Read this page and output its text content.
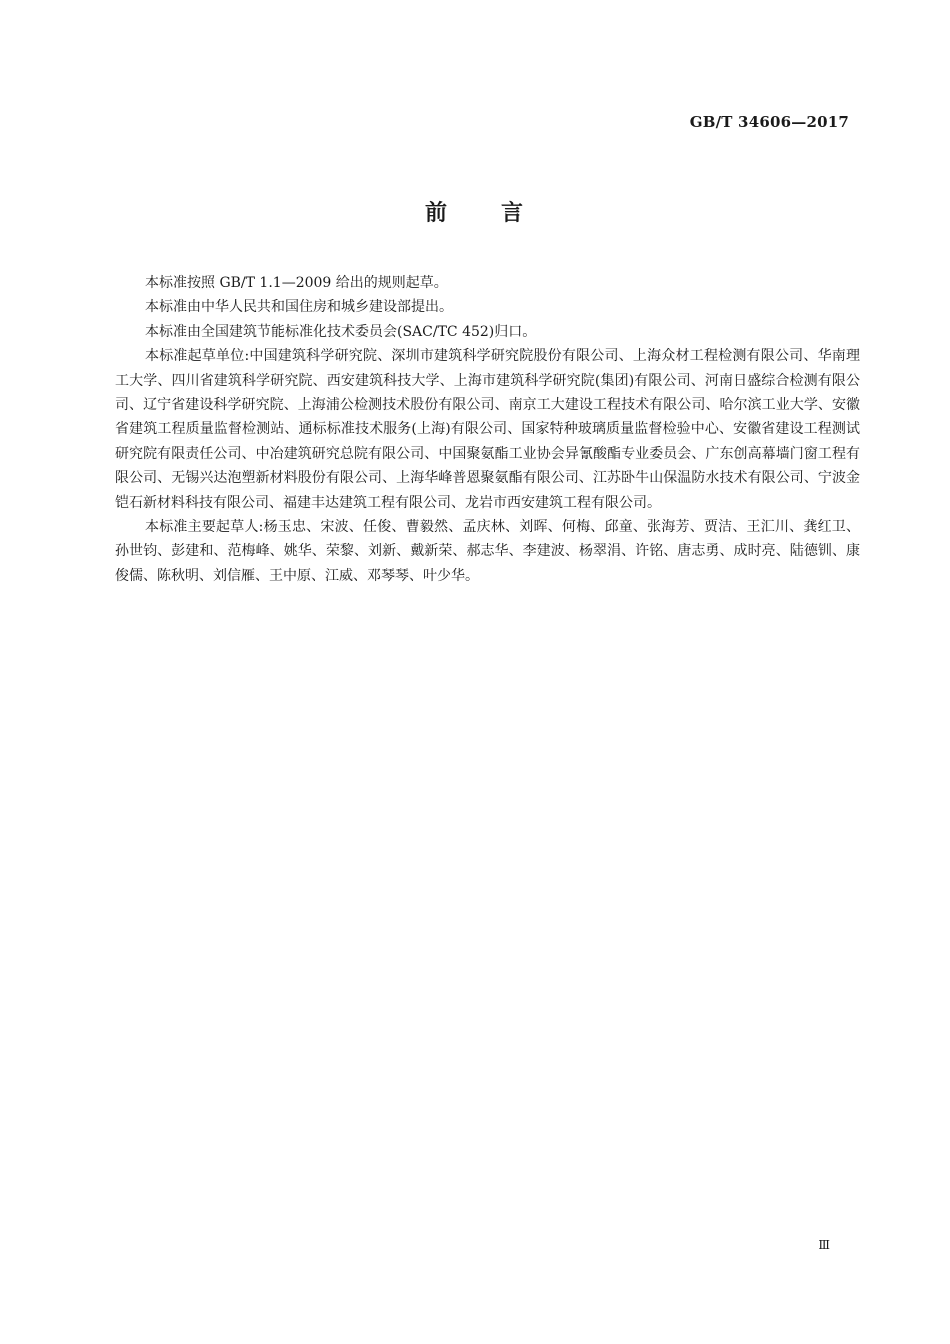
GB/T 34606—2017
前 言

本标准按照 GB/T 1.1—2009 给出的规则起草。

本标准由中华人民共和国住房和城乡建设部提出。

本标准由全国建筑节能标准化技术委员会(SAC/TC 452)归口。

本标准起草单位:中国建筑科学研究院、深圳市建筑科学研究院股份有限公司、上海众材工程检测有限公司、华南理工大学、四川省建筑科学研究院、西安建筑科技大学、上海市建筑科学研究院(集团)有限公司、河南日盛综合检测有限公司、辽宁省建设科学研究院、上海浦公检测技术股份有限公司、南京工大建设工程技术有限公司、哈尔滨工业大学、安徽省建筑工程质量监督检测站、通标标准技术服务(上海)有限公司、国家特种玻璃质量监督检验中心、安徽省建设工程测试研究院有限责任公司、中冶建筑研究总院有限公司、中国聚氨酯工业协会异氰酸酯专业委员会、广东创高幕墙门窗工程有限公司、无锡兴达泡塑新材料股份有限公司、上海华峰普恩聚氨酯有限公司、江苏卧牛山保温防水技术有限公司、宁波金铠石新材料科技有限公司、福建丰达建筑工程有限公司、龙岩市西安建筑工程有限公司。

本标准主要起草人:杨玉忠、宋波、任俊、曹毅然、孟庆林、刘晖、何梅、邱童、张海芳、贾洁、王汇川、龚红卫、孙世钧、彭建和、范梅峰、姚华、荣黎、刘新、戴新荣、郝志华、李建波、杨翠涓、许铭、唐志勇、成时亮、陆德钏、康俊儒、陈秋明、刘信雁、王中原、江威、邓琴琴、叶少华。

Ⅲ
